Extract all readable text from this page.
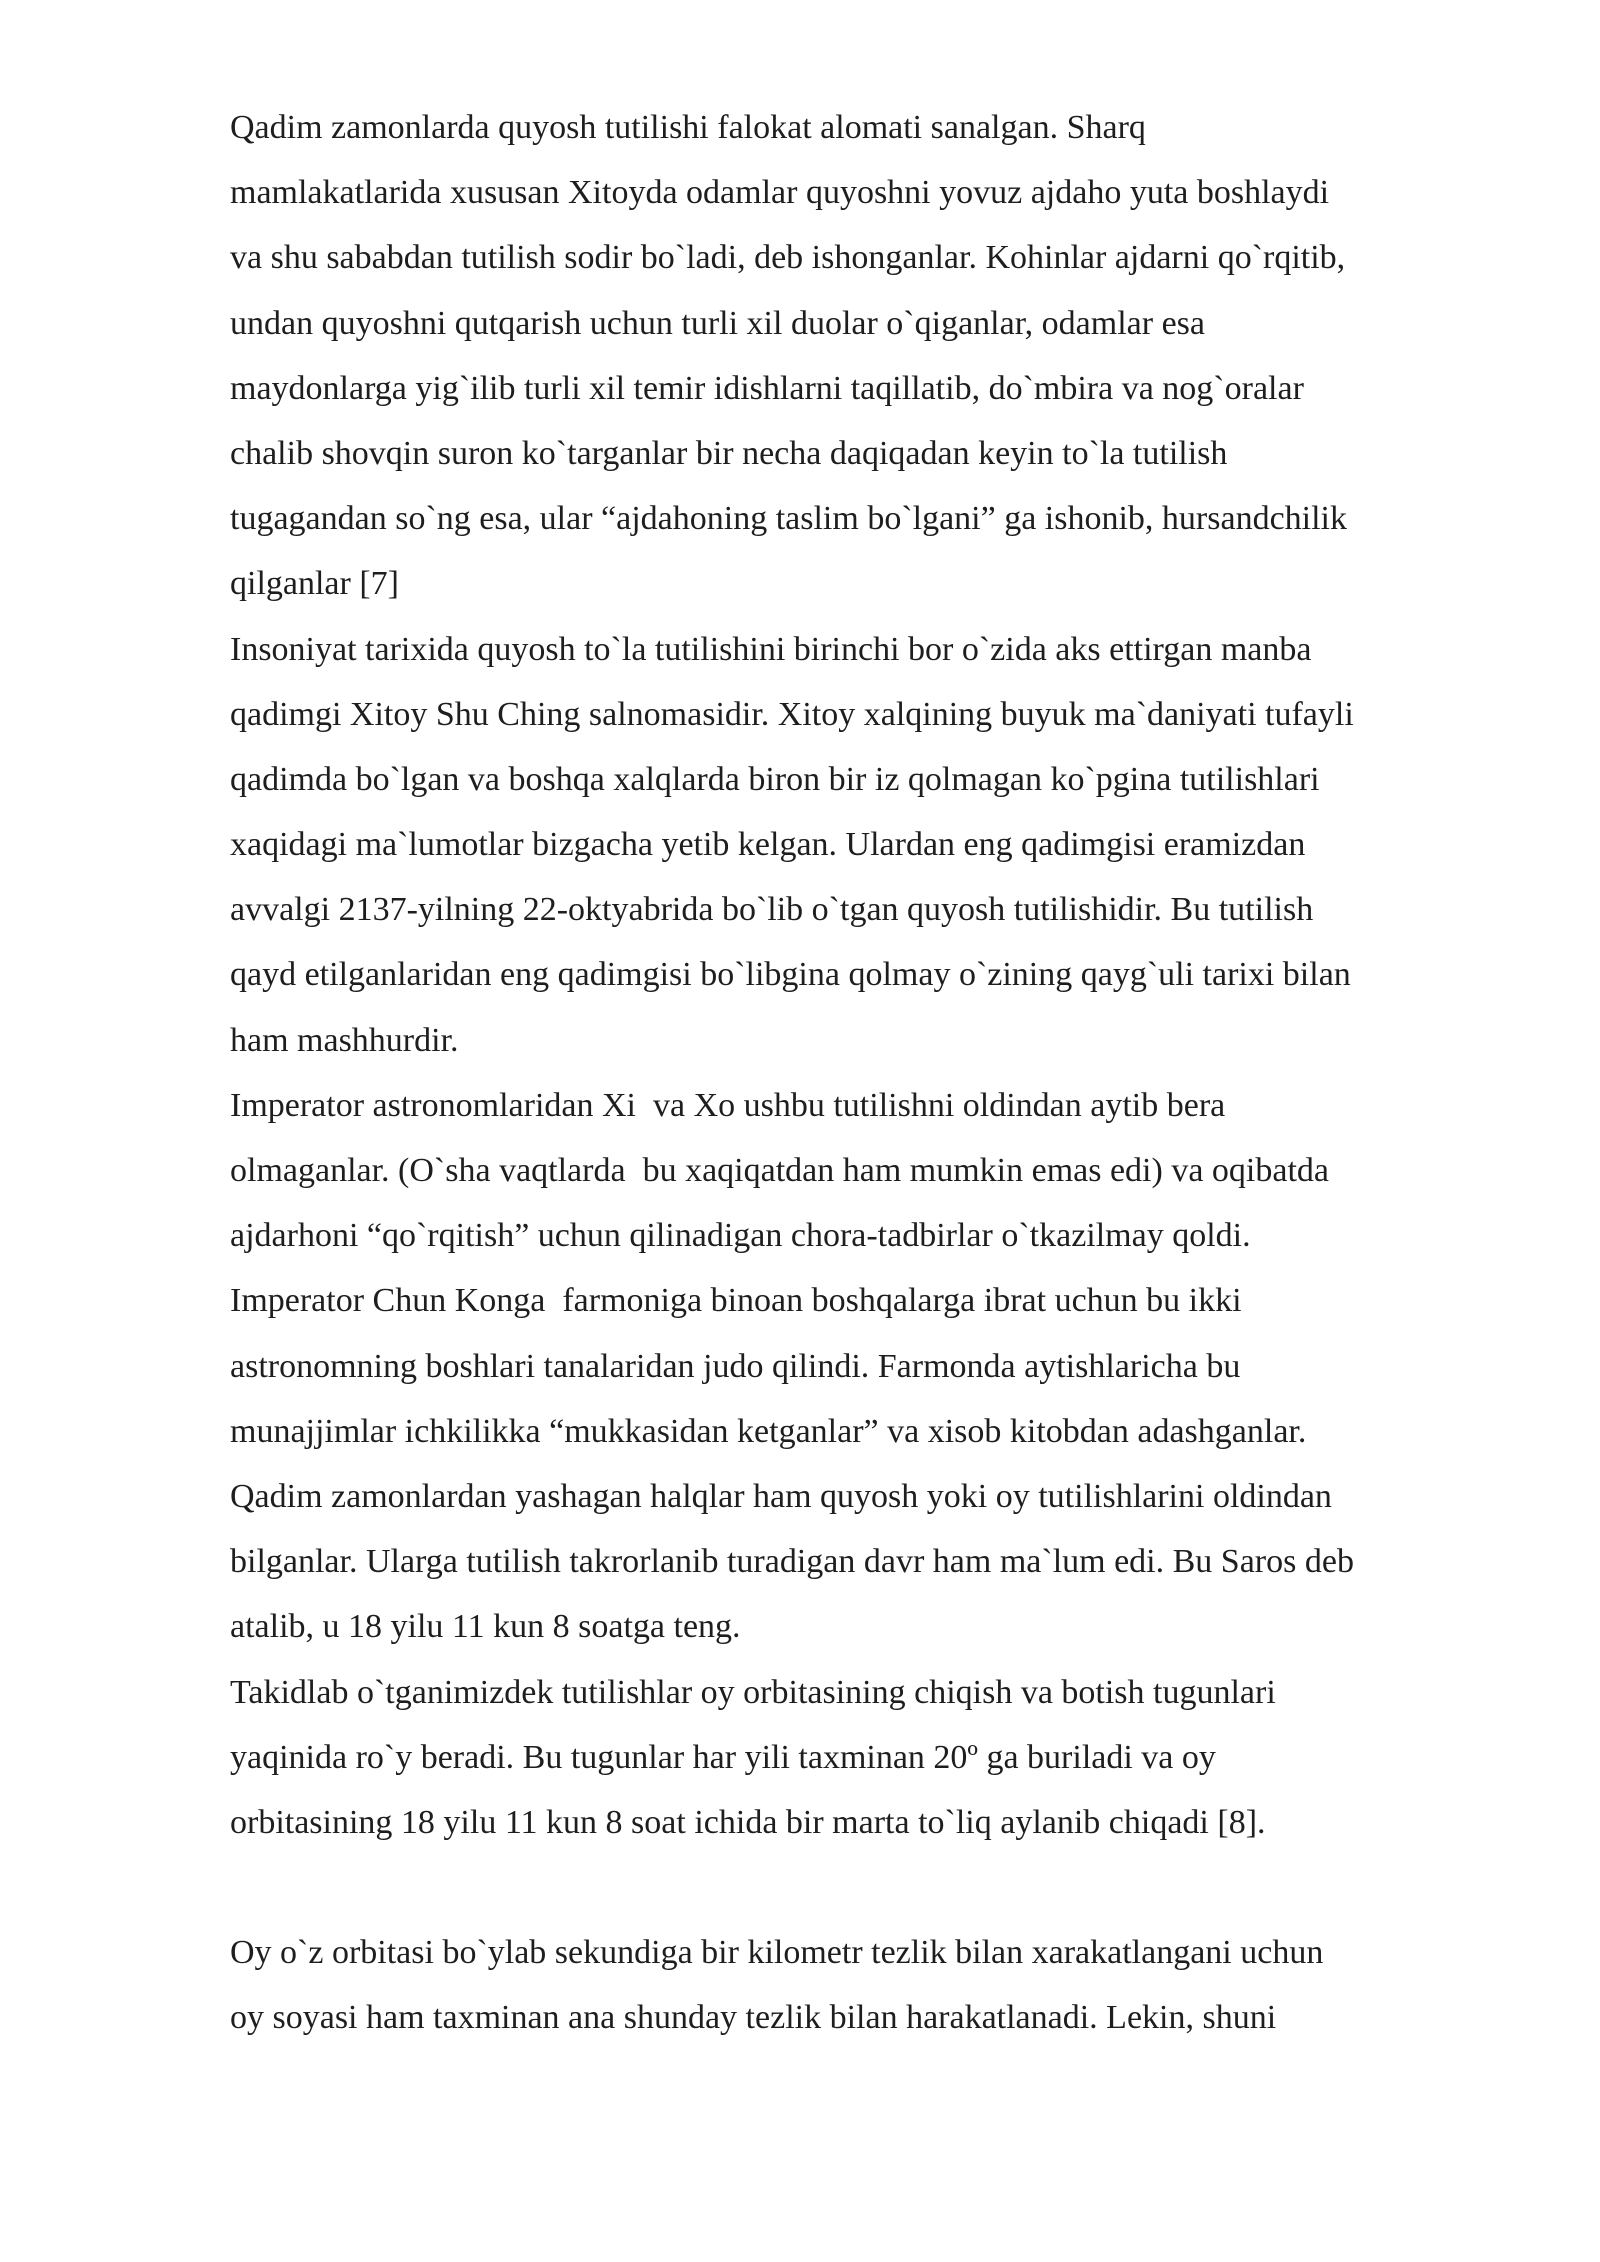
Qadim zamonlarda quyosh tutilishi falokat alomati sanalgan. Sharq
mamlakatlarida xususan Xitoyda odamlar quyoshni yovuz ajdaho yuta boshlaydi
va shu sababdan tutilish sodir bo`ladi, deb ishonganlar. Kohinlar ajdarni qo`rqitib,
undan quyoshni qutqarish uchun turli xil duolar o`qiganlar, odamlar esa
maydonlarga yig`ilib turli xil temir idishlarni taqillatib, do`mbira va nog`oralar
chalib shovqin suron ko`targanlar bir necha daqiqadan keyin to`la tutilish
tugagandan so`ng esa, ular “ajdahoning taslim bo`lgani” ga ishonib, hursandchilik
qilganlar [7]
Insoniyat tarixida quyosh to`la tutilishini birinchi bor o`zida aks ettirgan manba
qadimgi Xitoy Shu Ching salnomasidir. Xitoy xalqining buyuk ma`daniyati tufayli
qadimda bo`lgan va boshqa xalqlarda biron bir iz qolmagan ko`pgina tutilishlari
xaqidagi ma`lumotlar bizgacha yetib kelgan. Ulardan eng qadimgisi eramizdan
avvalgi 2137-yilning 22-oktyabrida bo`lib o`tgan quyosh tutilishidir. Bu tutilish
qayd etilganlaridan eng qadimgisi bo`libgina qolmay o`zining qayg`uli tarixi bilan
ham mashhurdir.
Imperator astronomlaridan Xi  va Xo ushbu tutilishni oldindan aytib bera
olmaganlar. (O`sha vaqtlarda  bu xaqiqatdan ham mumkin emas edi) va oqibatda
ajdarhoni “qo`rqitish” uchun qilinadigan chora-tadbirlar o`tkazilmay qoldi.
Imperator Chun Konga  farmoniga binoan boshqalarga ibrat uchun bu ikki
astronomning boshlari tanalaridan judo qilindi. Farmonda aytishlaricha bu
munajjimlar ichkilikka “mukkasidan ketganlar” va xisob kitobdan adashganlar.
Qadim zamonlardan yashagan halqlar ham quyosh yoki oy tutilishlarini oldindan
bilganlar. Ularga tutilish takrorlanib turadigan davr ham ma`lum edi. Bu Saros deb
atalib, u 18 yilu 11 kun 8 soatga teng.
Takidlab o`tganimizdek tutilishlar oy orbitasining chiqish va botish tugunlari
yaqinida ro`y beradi. Bu tugunlar har yili taxminan 20º ga buriladi va oy
orbitasining 18 yilu 11 kun 8 soat ichida bir marta to`liq aylanib chiqadi [8].
Oy o`z orbitasi bo`ylab sekundiga bir kilometr tezlik bilan xarakatlangani uchun
oy soyasi ham taxminan ana shunday tezlik bilan harakatlanadi. Lekin, shuni
